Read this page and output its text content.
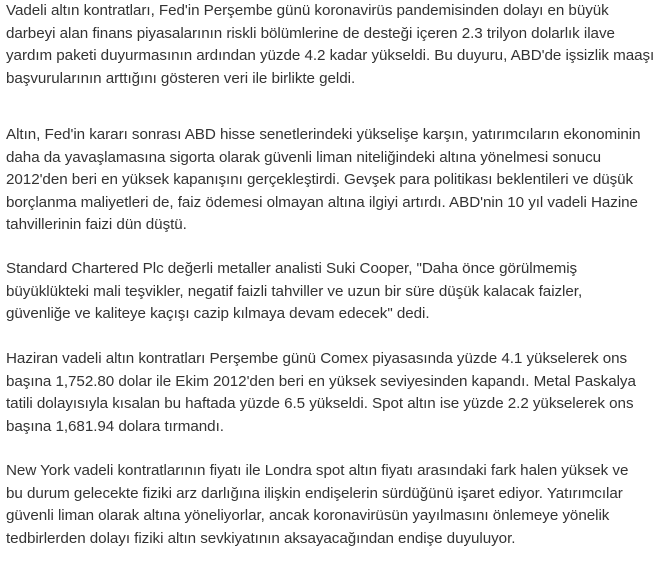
Vadeli altın kontratları, Fed'in Perşembe günü koronavirüs pandemisinden dolayı en büyük
darbeyi alan finans piyasalarının riskli bölümlerine de desteği içeren 2.3 trilyon dolarlık ilave
yardım paketi duyurmasının ardından yüzde 4.2 kadar yükseldi. Bu duyuru, ABD'de işsizlik maaşı
başvurularının arttığını gösteren veri ile birlikte geldi.

Altın, Fed'in kararı sonrası ABD hisse senetlerindeki yükselişe karşın, yatırımcıların ekonominin
daha da yavaşlamasına sigorta olarak güvenli liman niteliğindeki altına yönelmesi sonucu
2012'den beri en yüksek kapanışını gerçekleştirdi. Gevşek para politikası beklentileri ve düşük
borçlanma maliyetleri de, faiz ödemesi olmayan altına ilgiyi artırdı. ABD'nin 10 yıl vadeli Hazine
tahvillerinin faizi dün düştü.

Standard Chartered Plc değerli metaller analisti Suki Cooper, "Daha önce görülmemiş
büyüklükteki mali teşvikler, negatif faizli tahviller ve uzun bir süre düşük kalacak faizler,
güvenliğe ve kaliteye kaçışı cazip kılmaya devam edecek" dedi.

Haziran vadeli altın kontratları Perşembe günü Comex piyasasında yüzde 4.1 yükselerek ons
başına 1,752.80 dolar ile Ekim 2012'den beri en yüksek seviyesinden kapandı. Metal Paskalya
tatili dolayısıyla kısalan bu haftada yüzde 6.5 yükseldi. Spot altın ise yüzde 2.2 yükselerek ons
başına 1,681.94 dolara tırmandı.

New York vadeli kontratlarının fiyatı ile Londra spot altın fiyatı arasındaki fark halen yüksek ve
bu durum gelecekte fiziki arz darlığına ilişkin endişelerin sürdüğünü işaret ediyor. Yatırımcılar
güvenli liman olarak altına yöneliyorlar, ancak koronavirüsün yayılmasını önlemeye yönelik
tedbirlerden dolayı fiziki altın sevkiyatının aksayacağından endişe duyuluyor.
